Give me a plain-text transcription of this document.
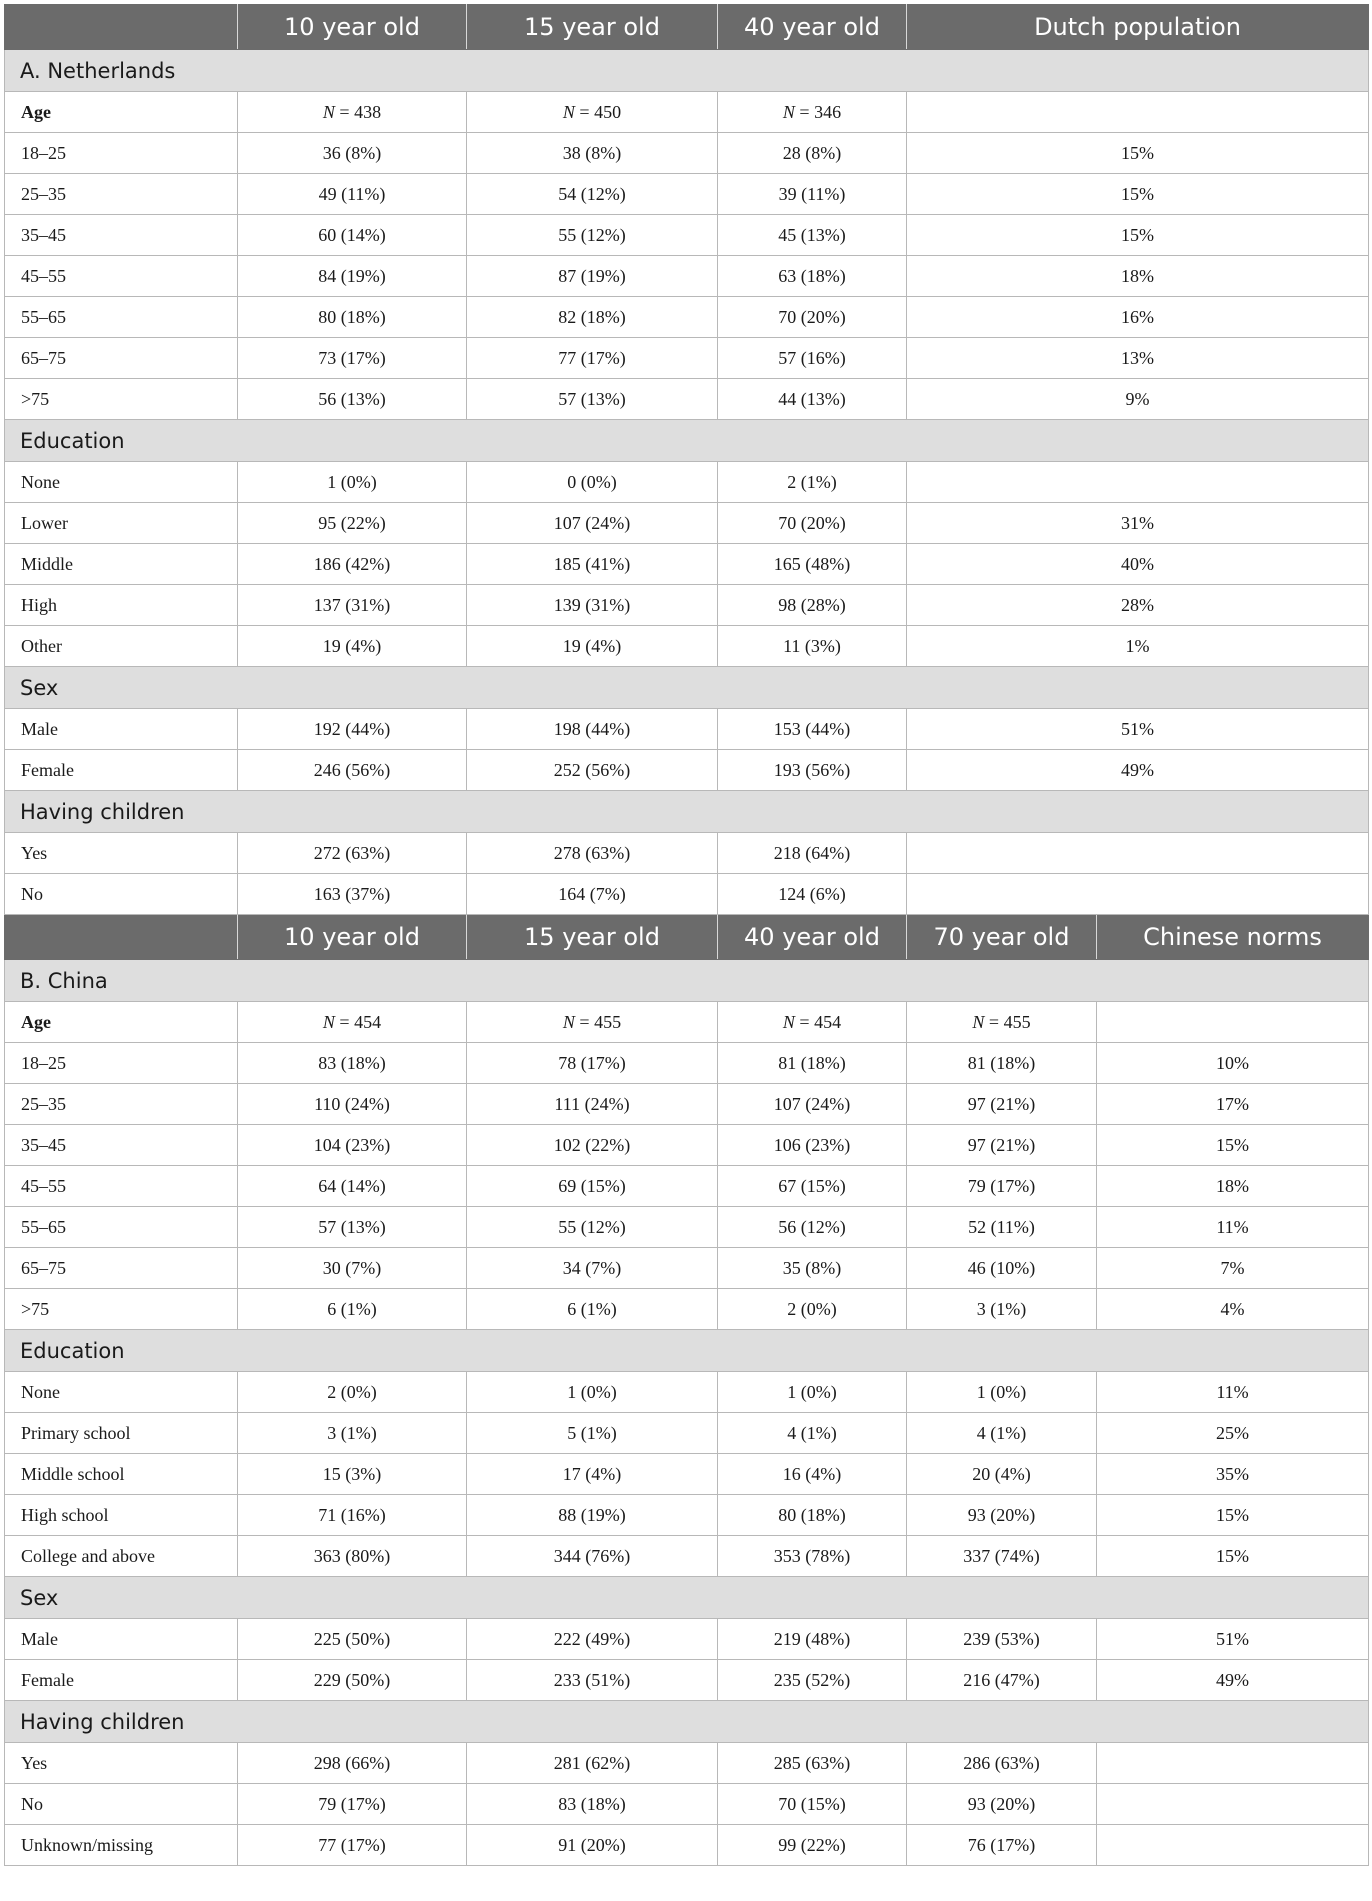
	10 year old	15 year old	40 year old	Dutch population	
A. Netherlands					
Age	N = 438	N = 450	N = 346		
18–25	36 (8%)	38 (8%)	28 (8%)	15%	
25–35	49 (11%)	54 (12%)	39 (11%)	15%	
35–45	60 (14%)	55 (12%)	45 (13%)	15%	
45–55	84 (19%)	87 (19%)	63 (18%)	18%	
55–65	80 (18%)	82 (18%)	70 (20%)	16%	
65–75	73 (17%)	77 (17%)	57 (16%)	13%	
>75	56 (13%)	57 (13%)	44 (13%)	9%	
Education					
None	1 (0%)	0 (0%)	2 (1%)		
Lower	95 (22%)	107 (24%)	70 (20%)	31%	
Middle	186 (42%)	185 (41%)	165 (48%)	40%	
High	137 (31%)	139 (31%)	98 (28%)	28%	
Other	19 (4%)	19 (4%)	11 (3%)	1%	
Sex					
Male	192 (44%)	198 (44%)	153 (44%)	51%	
Female	246 (56%)	252 (56%)	193 (56%)	49%	
Having children					
Yes	272 (63%)	278 (63%)	218 (64%)		
No	163 (37%)	164 (7%)	124 (6%)		
	10 year old	15 year old	40 year old	70 year old	Chinese norms
B. China					
Age	N = 454	N = 455	N = 454	N = 455	
18–25	83 (18%)	78 (17%)	81 (18%)	81 (18%)	10%
25–35	110 (24%)	111 (24%)	107 (24%)	97 (21%)	17%
35–45	104 (23%)	102 (22%)	106 (23%)	97 (21%)	15%
45–55	64 (14%)	69 (15%)	67 (15%)	79 (17%)	18%
55–65	57 (13%)	55 (12%)	56 (12%)	52 (11%)	11%
65–75	30 (7%)	34 (7%)	35 (8%)	46 (10%)	7%
>75	6 (1%)	6 (1%)	2 (0%)	3 (1%)	4%
Education					
None	2 (0%)	1 (0%)	1 (0%)	1 (0%)	11%
Primary school	3 (1%)	5 (1%)	4 (1%)	4 (1%)	25%
Middle school	15 (3%)	17 (4%)	16 (4%)	20 (4%)	35%
High school	71 (16%)	88 (19%)	80 (18%)	93 (20%)	15%
College and above	363 (80%)	344 (76%)	353 (78%)	337 (74%)	15%
Sex					
Male	225 (50%)	222 (49%)	219 (48%)	239 (53%)	51%
Female	229 (50%)	233 (51%)	235 (52%)	216 (47%)	49%
Having children					
Yes	298 (66%)	281 (62%)	285 (63%)	286 (63%)	
No	79 (17%)	83 (18%)	70 (15%)	93 (20%)	
Unknown/missing	77 (17%)	91 (20%)	99 (22%)	76 (17%)	
